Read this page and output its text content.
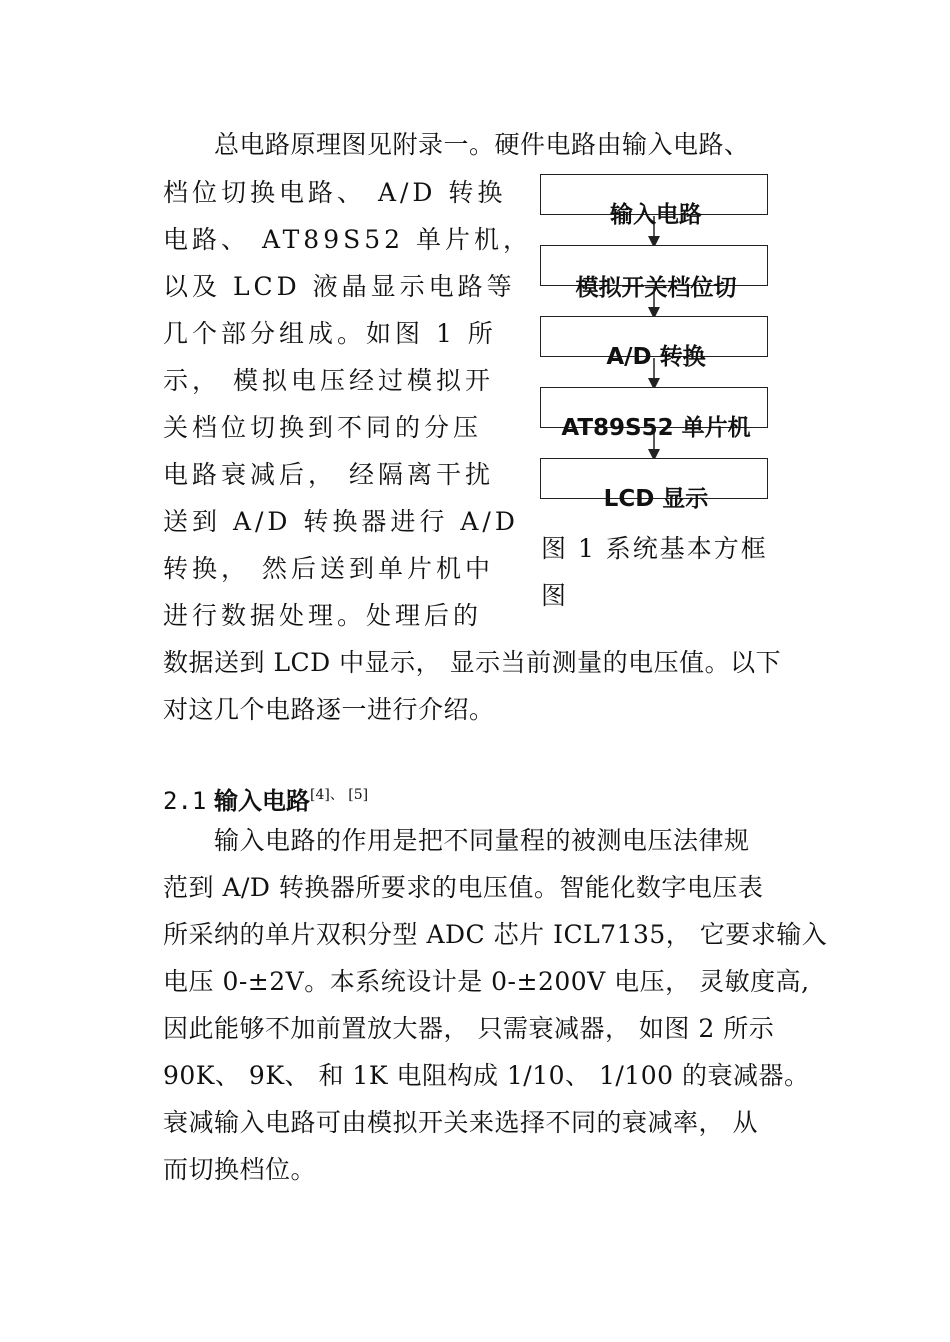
　　总电路原理图见附录一。硬件电路由输入电路、
档位切换电路、 A/D 转换
电路、 AT89S52 单片机，
以及 LCD 液晶显示电路等
几个部分组成。如图 1 所
示， 模拟电压经过模拟开
关档位切换到不同的分压
电路衰减后， 经隔离干扰
送到 A/D 转换器进行 A/D
转换， 然后送到单片机中
进行数据处理。处理后的
数据送到 LCD 中显示， 显示当前测量的电压值。以下
对这几个电路逐一进行介绍。
输入电路
模拟开关档位切
A/D 转换
AT89S52 单片机
LCD 显示
图 1 系统基本方框
图
2.1 输入电路[4]、 [5]
　　输入电路的作用是把不同量程的被测电压法律规
范到 A/D 转换器所要求的电压值。智能化数字电压表
所采纳的单片双积分型 ADC 芯片 ICL7135， 它要求输入
电压 0-±2V。本系统设计是 0-±200V 电压， 灵敏度高,
因此能够不加前置放大器， 只需衰减器， 如图 2 所示
90K、 9K、 和 1K 电阻构成 1/10、 1/100 的衰减器。
衰减输入电路可由模拟开关来选择不同的衰减率， 从
而切换档位。
